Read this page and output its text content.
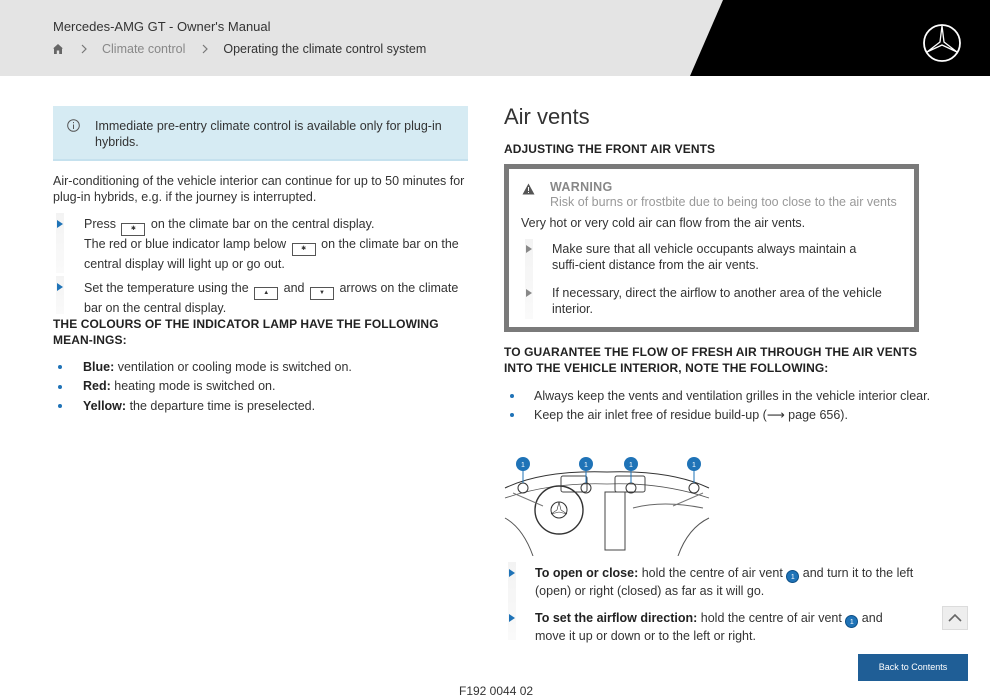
Mercedes-AMG GT - Owner's Manual
Climate control	Operating the climate control system
Immediate pre-entry climate control is available only for plug-in hybrids.
Air-conditioning of the vehicle interior can continue for up to 50 minutes for plug-in hybrids, e.g. if the journey is interrupted.
Press ✱ on the climate bar on the central display.
The red or blue indicator lamp below ✱ on the climate bar on the central display will light up or go out.
Set the temperature using the ▲ and ▼ arrows on the climate bar on the central display.
THE COLOURS OF THE INDICATOR LAMP HAVE THE FOLLOWING MEAN-INGS:
Blue: ventilation or cooling mode is switched on.
Red: heating mode is switched on.
Yellow: the departure time is preselected.
Air vents
ADJUSTING THE FRONT AIR VENTS
WARNING
Risk of burns or frostbite due to being too close to the air vents
Very hot or very cold air can flow from the air vents.
Make sure that all vehicle occupants always maintain a suffi-cient distance from the air vents.
If necessary, direct the airflow to another area of the vehicle interior.
TO GUARANTEE THE FLOW OF FRESH AIR THROUGH THE AIR VENTS INTO THE VEHICLE INTERIOR, NOTE THE FOLLOWING:
Always keep the vents and ventilation grilles in the vehicle interior clear.
Keep the air inlet free of residue build-up (⟶ page 656).
1	1	1	1
To open or close: hold the centre of air vent 1 and turn it to the left (open) or right (closed) as far as it will go.
To set the airflow direction: hold the centre of air vent 1 and move it up or down or to the left or right.
Back to Contents
F192 0044 02
